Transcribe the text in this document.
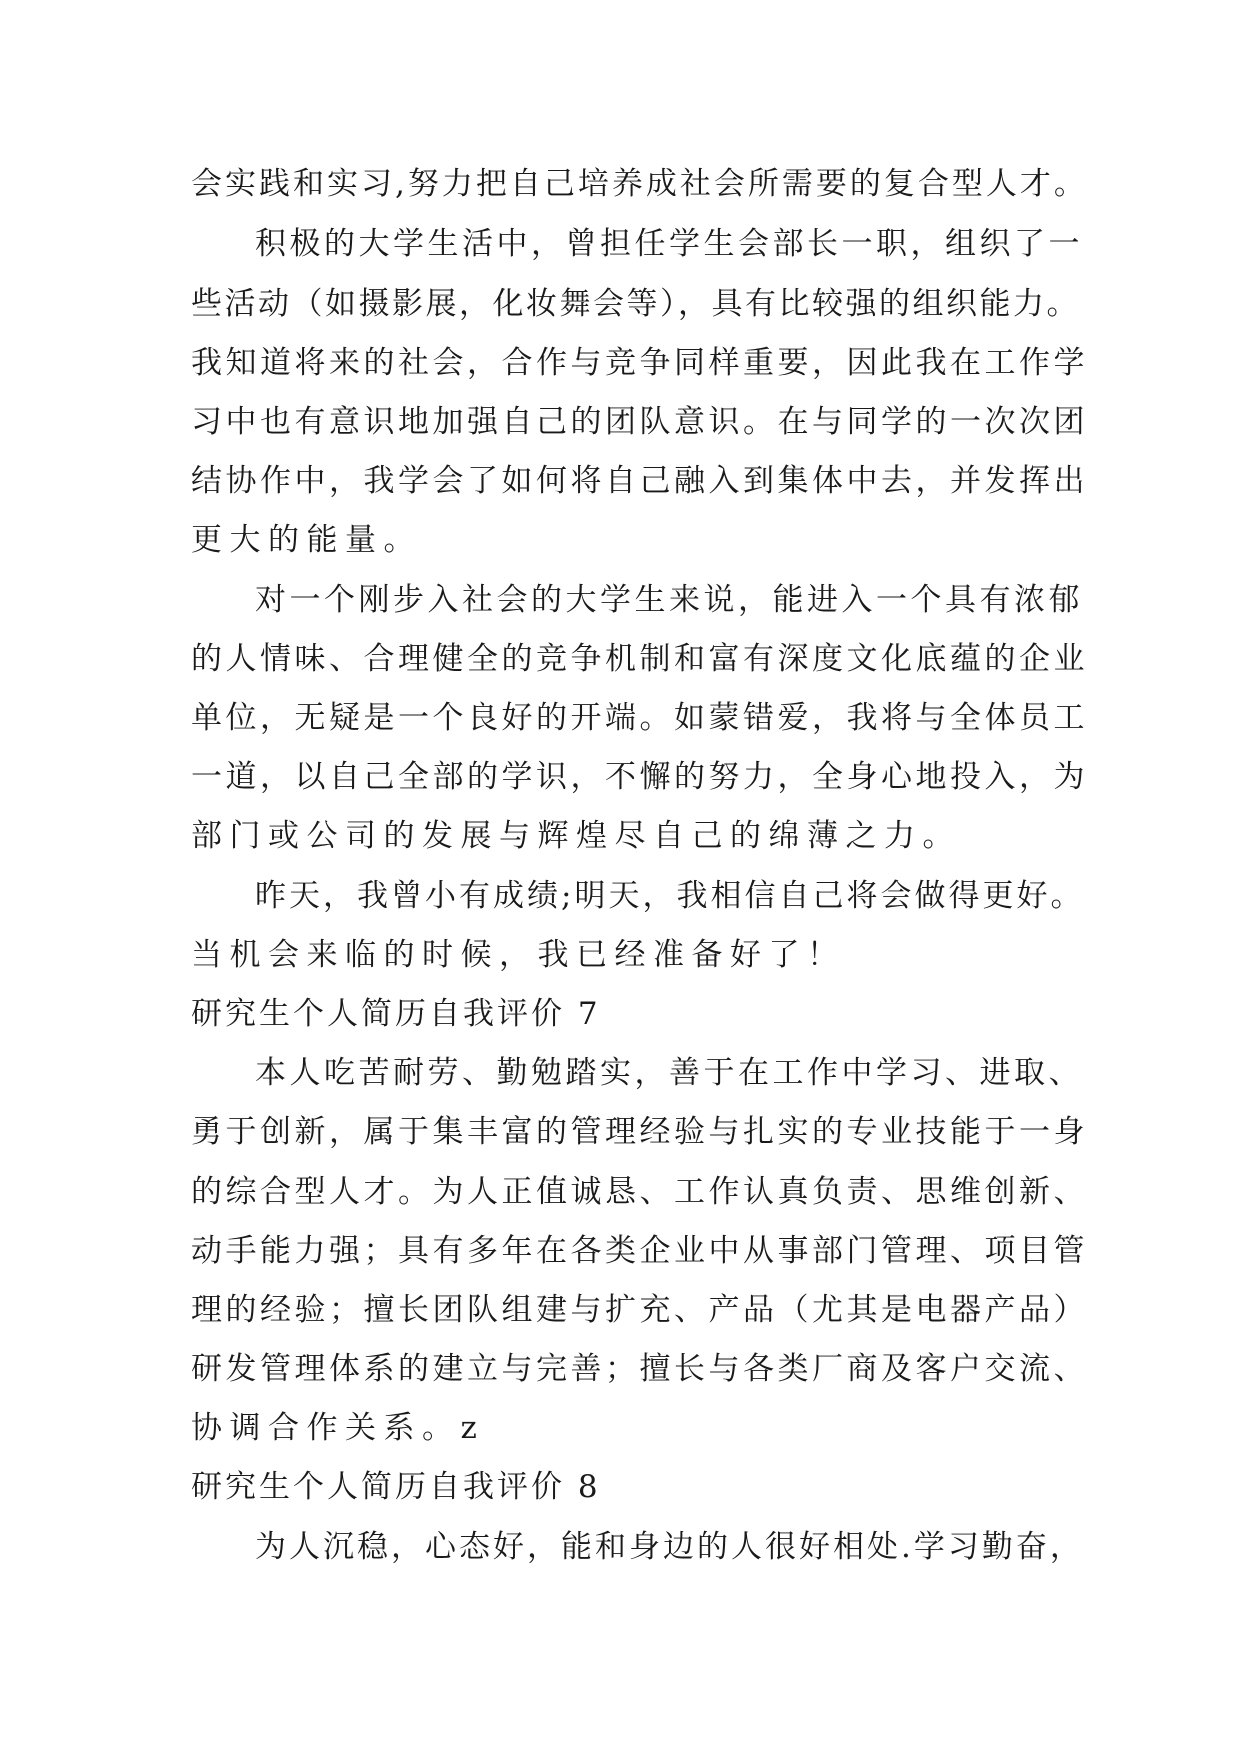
会实践和实习,努力把自己培养成社会所需要的复合型人才。
积极的大学生活中，曾担任学生会部长一职，组织了一
些活动（如摄影展，化妆舞会等），具有比较强的组织能力。
我知道将来的社会，合作与竞争同样重要，因此我在工作学
习中也有意识地加强自己的团队意识。在与同学的一次次团
结协作中，我学会了如何将自己融入到集体中去，并发挥出
更大的能量。
对一个刚步入社会的大学生来说，能进入一个具有浓郁
的人情味、合理健全的竞争机制和富有深度文化底蕴的企业
单位，无疑是一个良好的开端。如蒙错爱，我将与全体员工
一道，以自己全部的学识，不懈的努力，全身心地投入，为
部门或公司的发展与辉煌尽自己的绵薄之力。
昨天，我曾小有成绩;明天，我相信自己将会做得更好。
当机会来临的时候，我已经准备好了！
研究生个人简历自我评价 7
本人吃苦耐劳、勤勉踏实，善于在工作中学习、进取、
勇于创新，属于集丰富的管理经验与扎实的专业技能于一身
的综合型人才。为人正值诚恳、工作认真负责、思维创新、
动手能力强；具有多年在各类企业中从事部门管理、项目管
理的经验；擅长团队组建与扩充、产品（尤其是电器产品）
研发管理体系的建立与完善；擅长与各类厂商及客户交流、
协调合作关系。z
研究生个人简历自我评价 8
为人沉稳，心态好，能和身边的人很好相处.学习勤奋，
